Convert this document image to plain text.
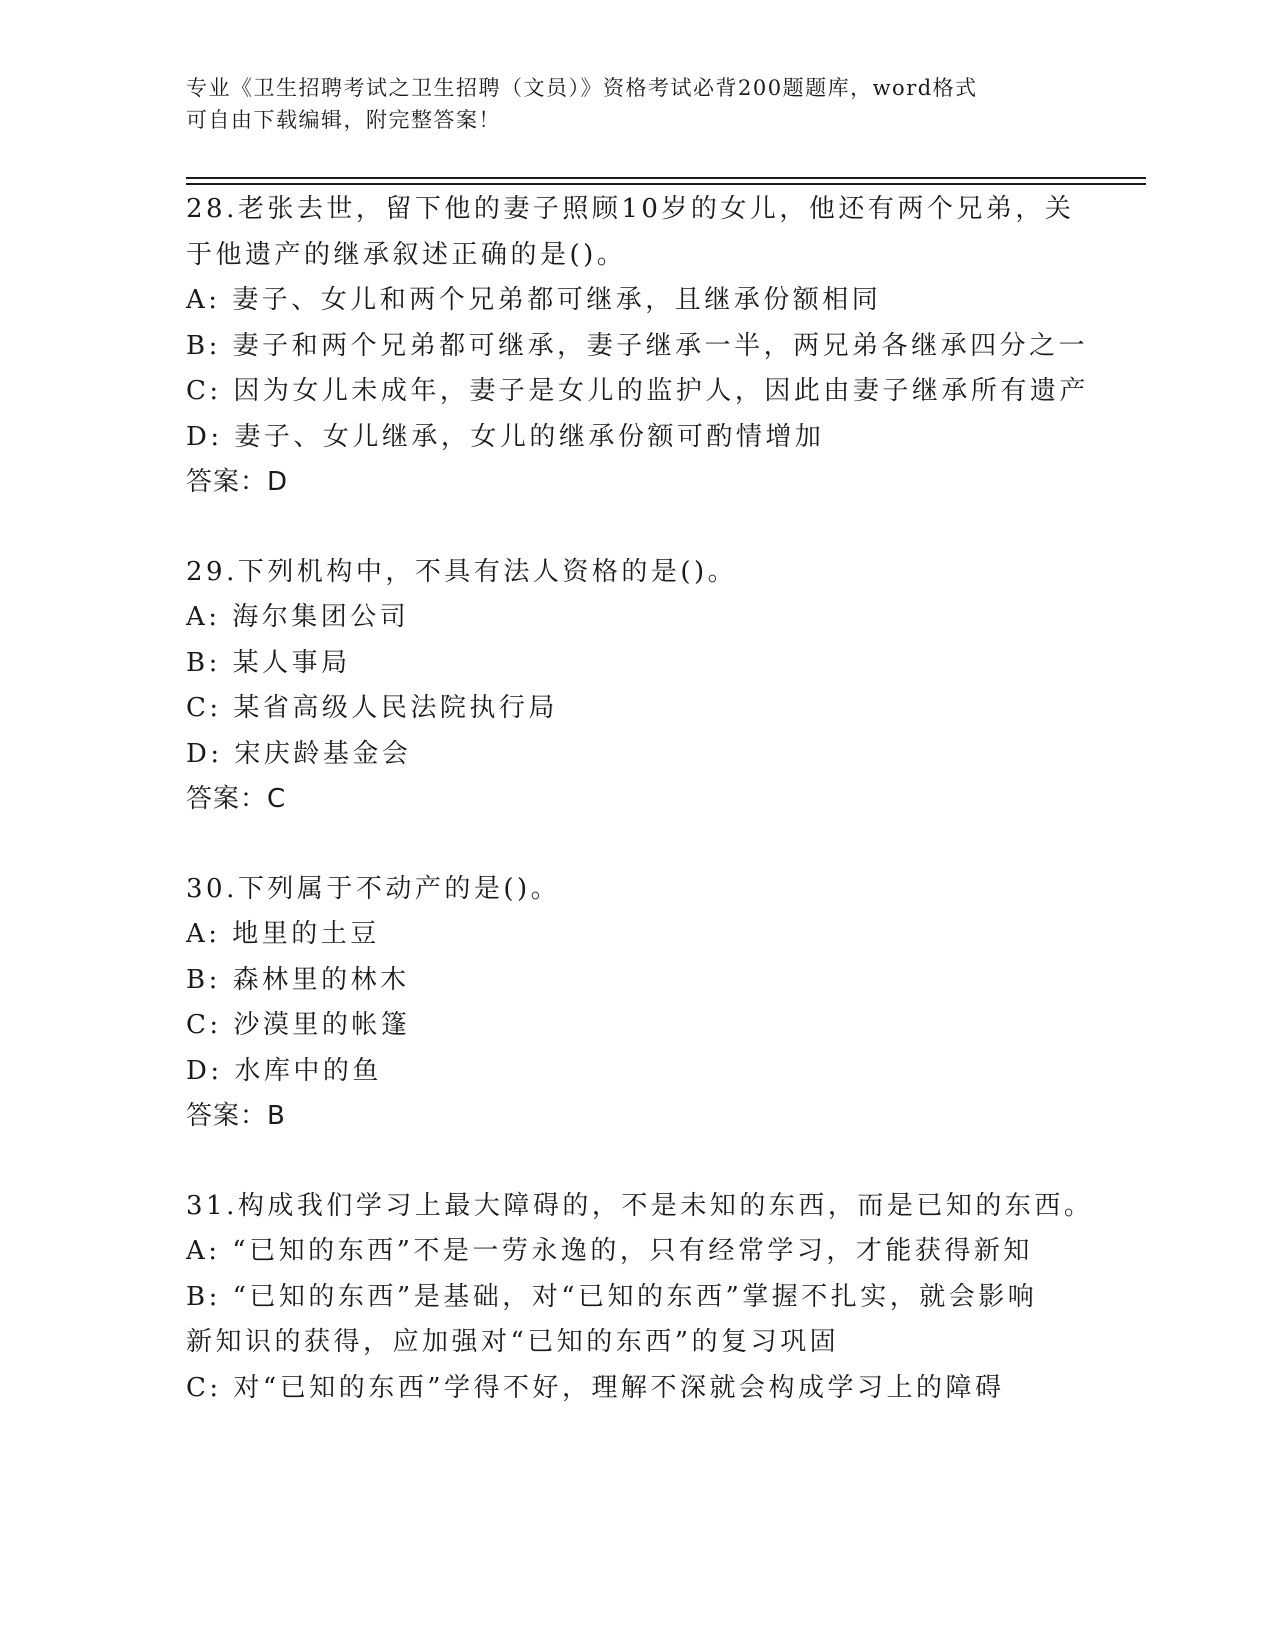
专业《卫生招聘考试之卫生招聘（文员）》资格考试必背200题题库，word格式
可自由下载编辑，附完整答案！
28.老张去世，留下他的妻子照顾10岁的女儿，他还有两个兄弟，关
于他遗产的继承叙述正确的是()。
A: 妻子、女儿和两个兄弟都可继承，且继承份额相同
B: 妻子和两个兄弟都可继承，妻子继承一半，两兄弟各继承四分之一
C: 因为女儿未成年，妻子是女儿的监护人，因此由妻子继承所有遗产
D: 妻子、女儿继承，女儿的继承份额可酌情增加
答案：D
29.下列机构中，不具有法人资格的是()。
A: 海尔集团公司
B: 某人事局
C: 某省高级人民法院执行局
D: 宋庆龄基金会
答案：C
30.下列属于不动产的是()。
A: 地里的土豆
B: 森林里的林木
C: 沙漠里的帐篷
D: 水库中的鱼
答案：B
31.构成我们学习上最大障碍的，不是未知的东西，而是已知的东西。
A: “已知的东西”不是一劳永逸的，只有经常学习，才能获得新知
B: “已知的东西”是基础，对“已知的东西”掌握不扎实，就会影响
新知识的获得，应加强对“已知的东西”的复习巩固
C: 对“已知的东西”学得不好，理解不深就会构成学习上的障碍
